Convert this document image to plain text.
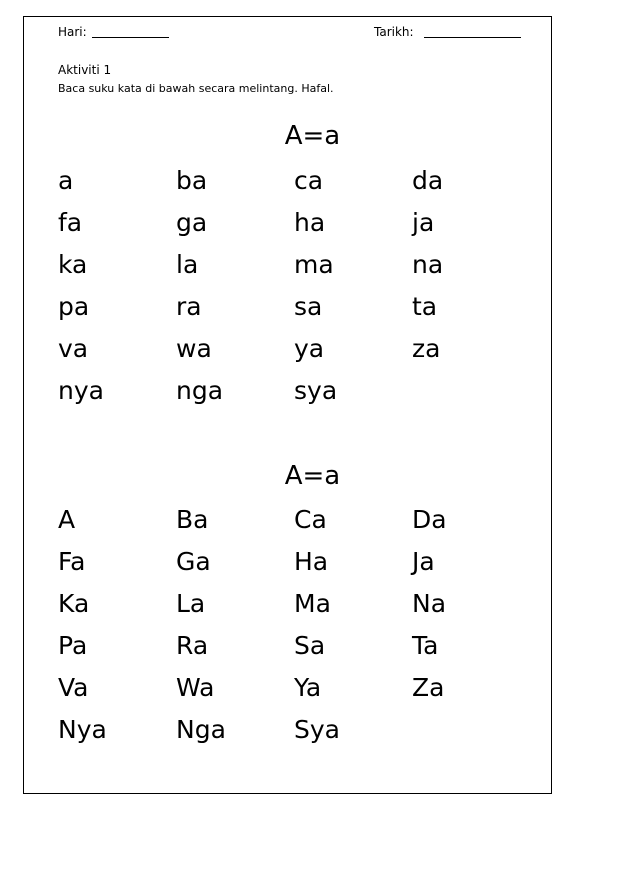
Hari:	Tarikh:
Aktiviti 1
Baca suku kata di bawah secara melintang. Hafal.
A=a
a	ba	ca	da
fa	ga	ha	ja
ka	la	ma	na
pa	ra	sa	ta
va	wa	ya	za
nya	nga	sya
A=a
A	Ba	Ca	Da
Fa	Ga	Ha	Ja
Ka	La	Ma	Na
Pa	Ra	Sa	Ta
Va	Wa	Ya	Za
Nya	Nga	Sya
